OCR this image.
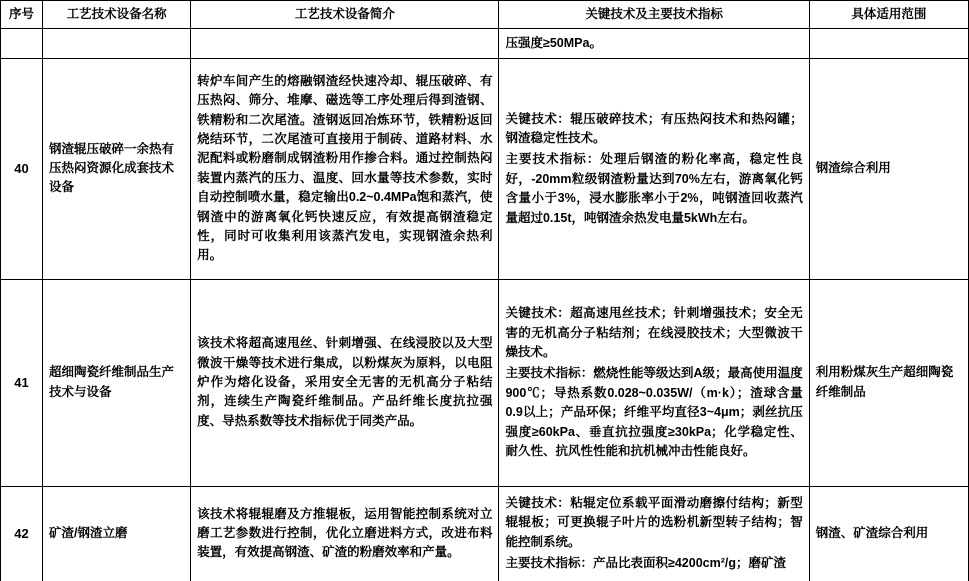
序号	工艺技术设备名称	工艺技术设备简介	关键技术及主要技术指标	具体适用范围
			压强度≥50MPa。	
40	钢渣辊压破碎一余热有压热闷资源化成套技术设备	转炉车间产生的熔融钢渣经快速冷却、辊压破碎、有压热闷、筛分、堆摩、磁选等工序处理后得到渣钢、铁精粉和二次尾渣。渣钢返回冶炼环节，铁精粉返回烧结环节，二次尾渣可直接用于制砖、道路材料、水泥配料或粉磨制成钢渣粉用作掺合料。通过控制热闷装置内蒸汽的压力、温度、回水量等技术参数，实时自动控制喷水量，稳定输出0.2~0.4MPa饱和蒸汽，使钢渣中的游离氧化钙快速反应，有效提高钢渣稳定性，同时可收集利用该蒸汽发电，实现钢渣余热利用。	关键技术：辊压破碎技术；有压热闷技术和热闷罐；钢渣稳定性技术。
主要技术指标：处理后钢渣的粉化率高，稳定性良好，-20mm粒级钢渣粉量达到70%左右，游离氧化钙含量小于3%，浸水膨胀率小于2%，吨钢渣回收蒸汽量超过0.15t，吨钢渣余热发电量5kWh左右。	钢渣综合利用
41	超细陶瓷纤维制品生产技术与设备	该技术将超高速甩丝、针刺增强、在线浸胶以及大型微波干燥等技术进行集成，以粉煤灰为原料，以电阻炉作为熔化设备，采用安全无害的无机高分子粘结剂，连续生产陶瓷纤维制品。产品纤维长度抗拉强度、导热系数等技术指标优于同类产品。	关键技术：超高速甩丝技术；针刺增强技术；安全无害的无机高分子粘结剂；在线浸胶技术；大型微波干燥技术。
主要技术指标：燃烧性能等级达到A级；最高使用温度900℃；导热系数0.028~0.035W/（m·k）；渣球含量0.9以上；产品环保；纤维平均直径3~4μm；剥丝抗压强度≥60kPa、垂直抗拉强度≥30kPa；化学稳定性、耐久性、抗风性性能和抗机械冲击性能良好。	利用粉煤灰生产超细陶瓷纤维制品
42	矿渣/钢渣立磨	该技术将辊辊磨及方推辊板，运用智能控制系统对立磨工艺参数进行控制，优化立磨进料方式，改进布料装置，有效提高钢渣、矿渣的粉磨效率和产量。	关键技术：粘辊定位系载平面滑动磨擦付结构；新型辊辊板；可更换辊子叶片的选粉机新型转子结构；智能控制系统。
主要技术指标：产品比表面积≥4200cm²/g；磨矿渣	钢渣、矿渣综合利用
